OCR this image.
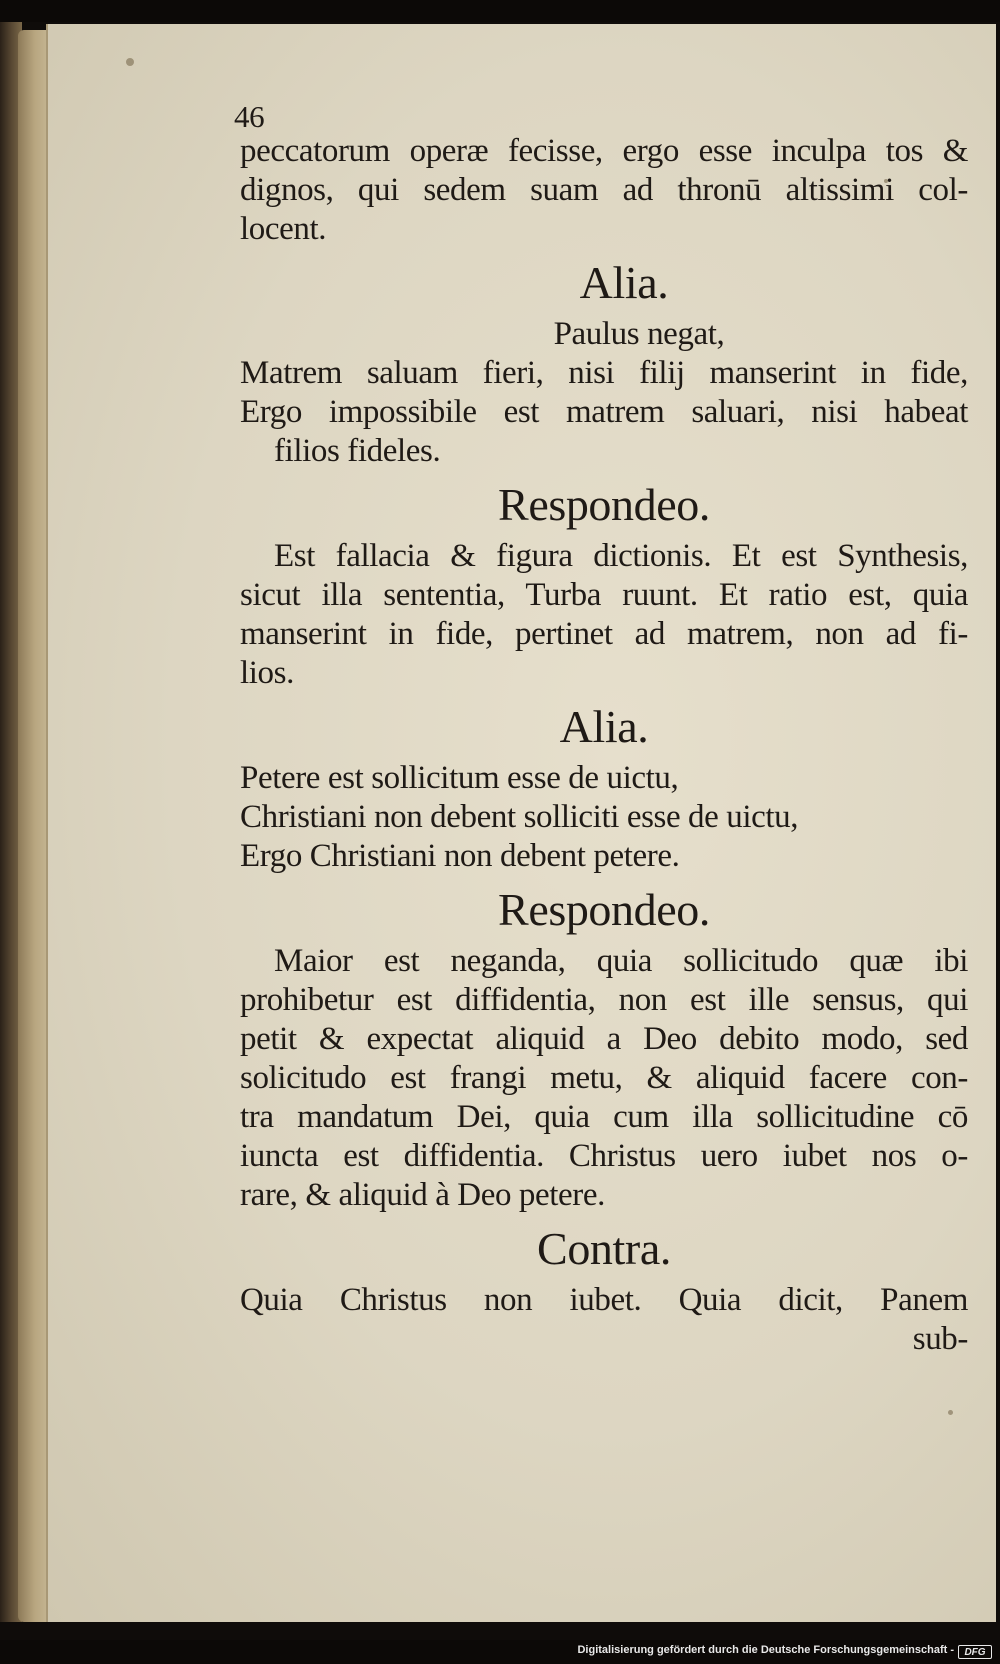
46
peccatorum operæ fecisse, ergo esse inculpa tos &
dignos, qui sedem suam ad thronū altissimi col-
locent.
Alia.
Paulus negat,
Matrem saluam fieri, nisi filij manserint in fide,
Ergo impossibile est matrem saluari, nisi habeat
filios fideles.
Respondeo.
Est fallacia & figura dictionis. Et est Synthesis,
sicut illa sententia, Turba ruunt. Et ratio est, quia
manserint in fide, pertinet ad matrem, non ad fi-
lios.
Alia.
Petere est sollicitum esse de uictu,
Christiani non debent solliciti esse de uictu,
Ergo Christiani non debent petere.
Respondeo.
Maior est neganda, quia sollicitudo quæ ibi
prohibetur est diffidentia, non est ille sensus, qui
petit & expectat aliquid a Deo debito modo, sed
solicitudo est frangi metu, & aliquid facere con-
tra mandatum Dei, quia cum illa sollicitudine cō
iuncta est diffidentia. Christus uero iubet nos o-
rare, & aliquid à Deo petere.
Contra.
Quia Christus non iubet. Quia dicit, Panem
sub-
Digitalisierung gefördert durch die Deutsche Forschungsgemeinschaft -	DFG
